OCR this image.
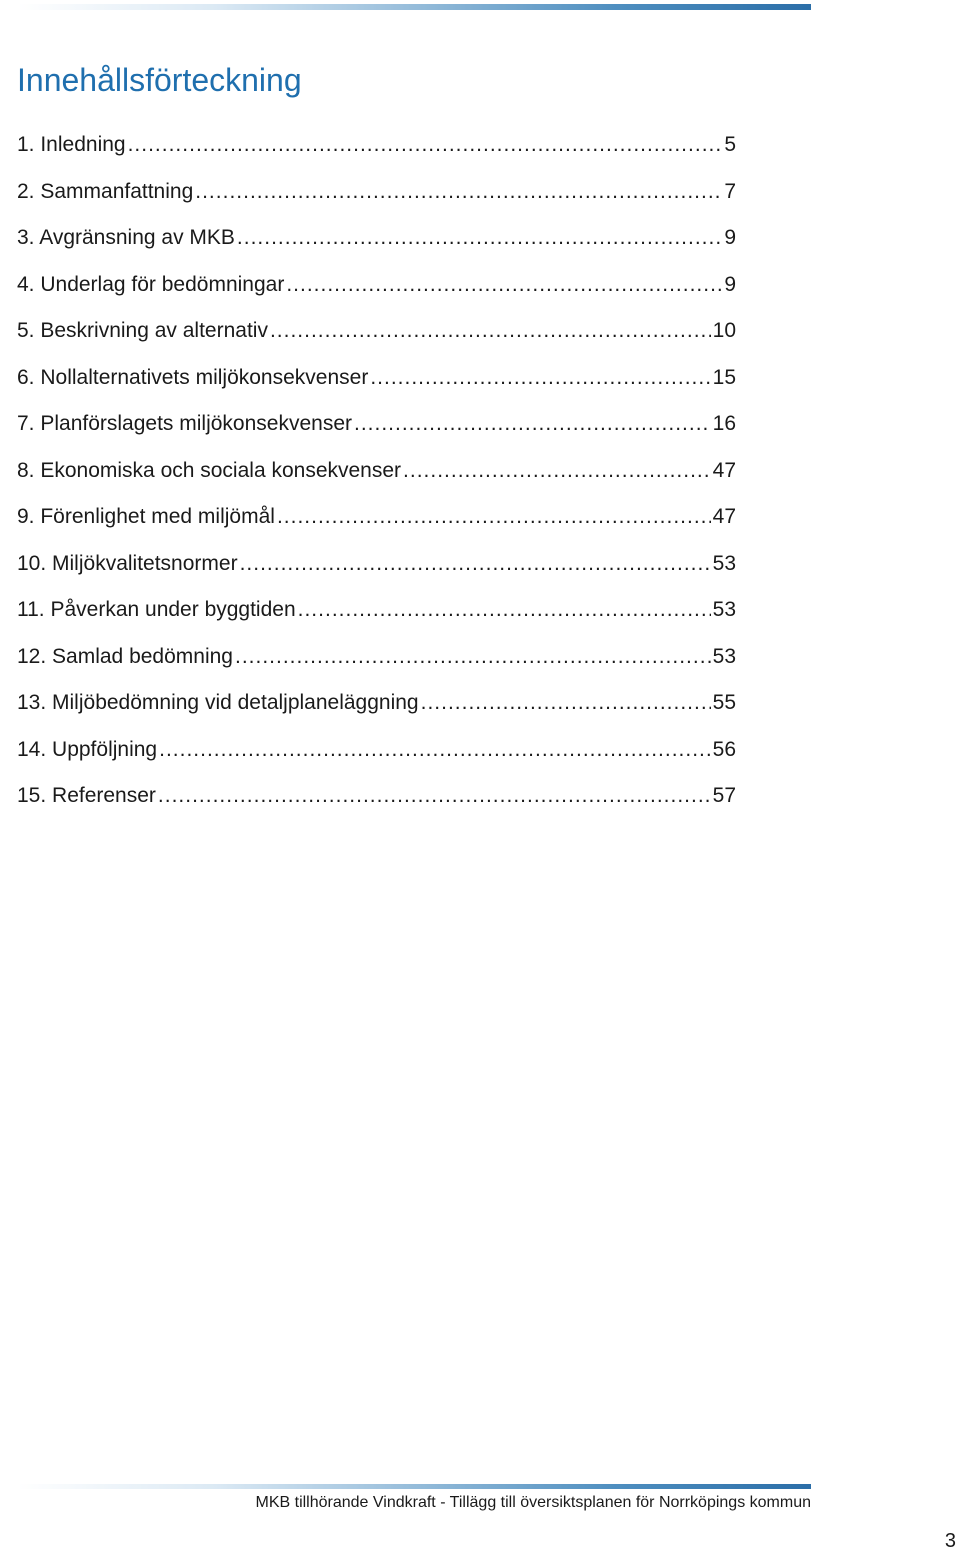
Innehållsförteckning
1. Inledning .....	5
2. Sammanfattning .....	7
3. Avgränsning av MKB .....	9
4. Underlag för bedömningar .....	9
5. Beskrivning av alternativ .....	10
6. Nollalternativets miljökonsekvenser .....	15
7. Planförslagets miljökonsekvenser .....	16
8. Ekonomiska och sociala konsekvenser .....	47
9. Förenlighet med miljömål .....	47
10. Miljökvalitetsnormer .....	53
11. Påverkan under byggtiden .....	53
12. Samlad bedömning .....	53
13. Miljöbedömning vid detaljplaneläggning .....	55
14. Uppföljning .....	56
15. Referenser .....	57
MKB tillhörande Vindkraft - Tillägg till översiktsplanen för Norrköpings kommun
3
